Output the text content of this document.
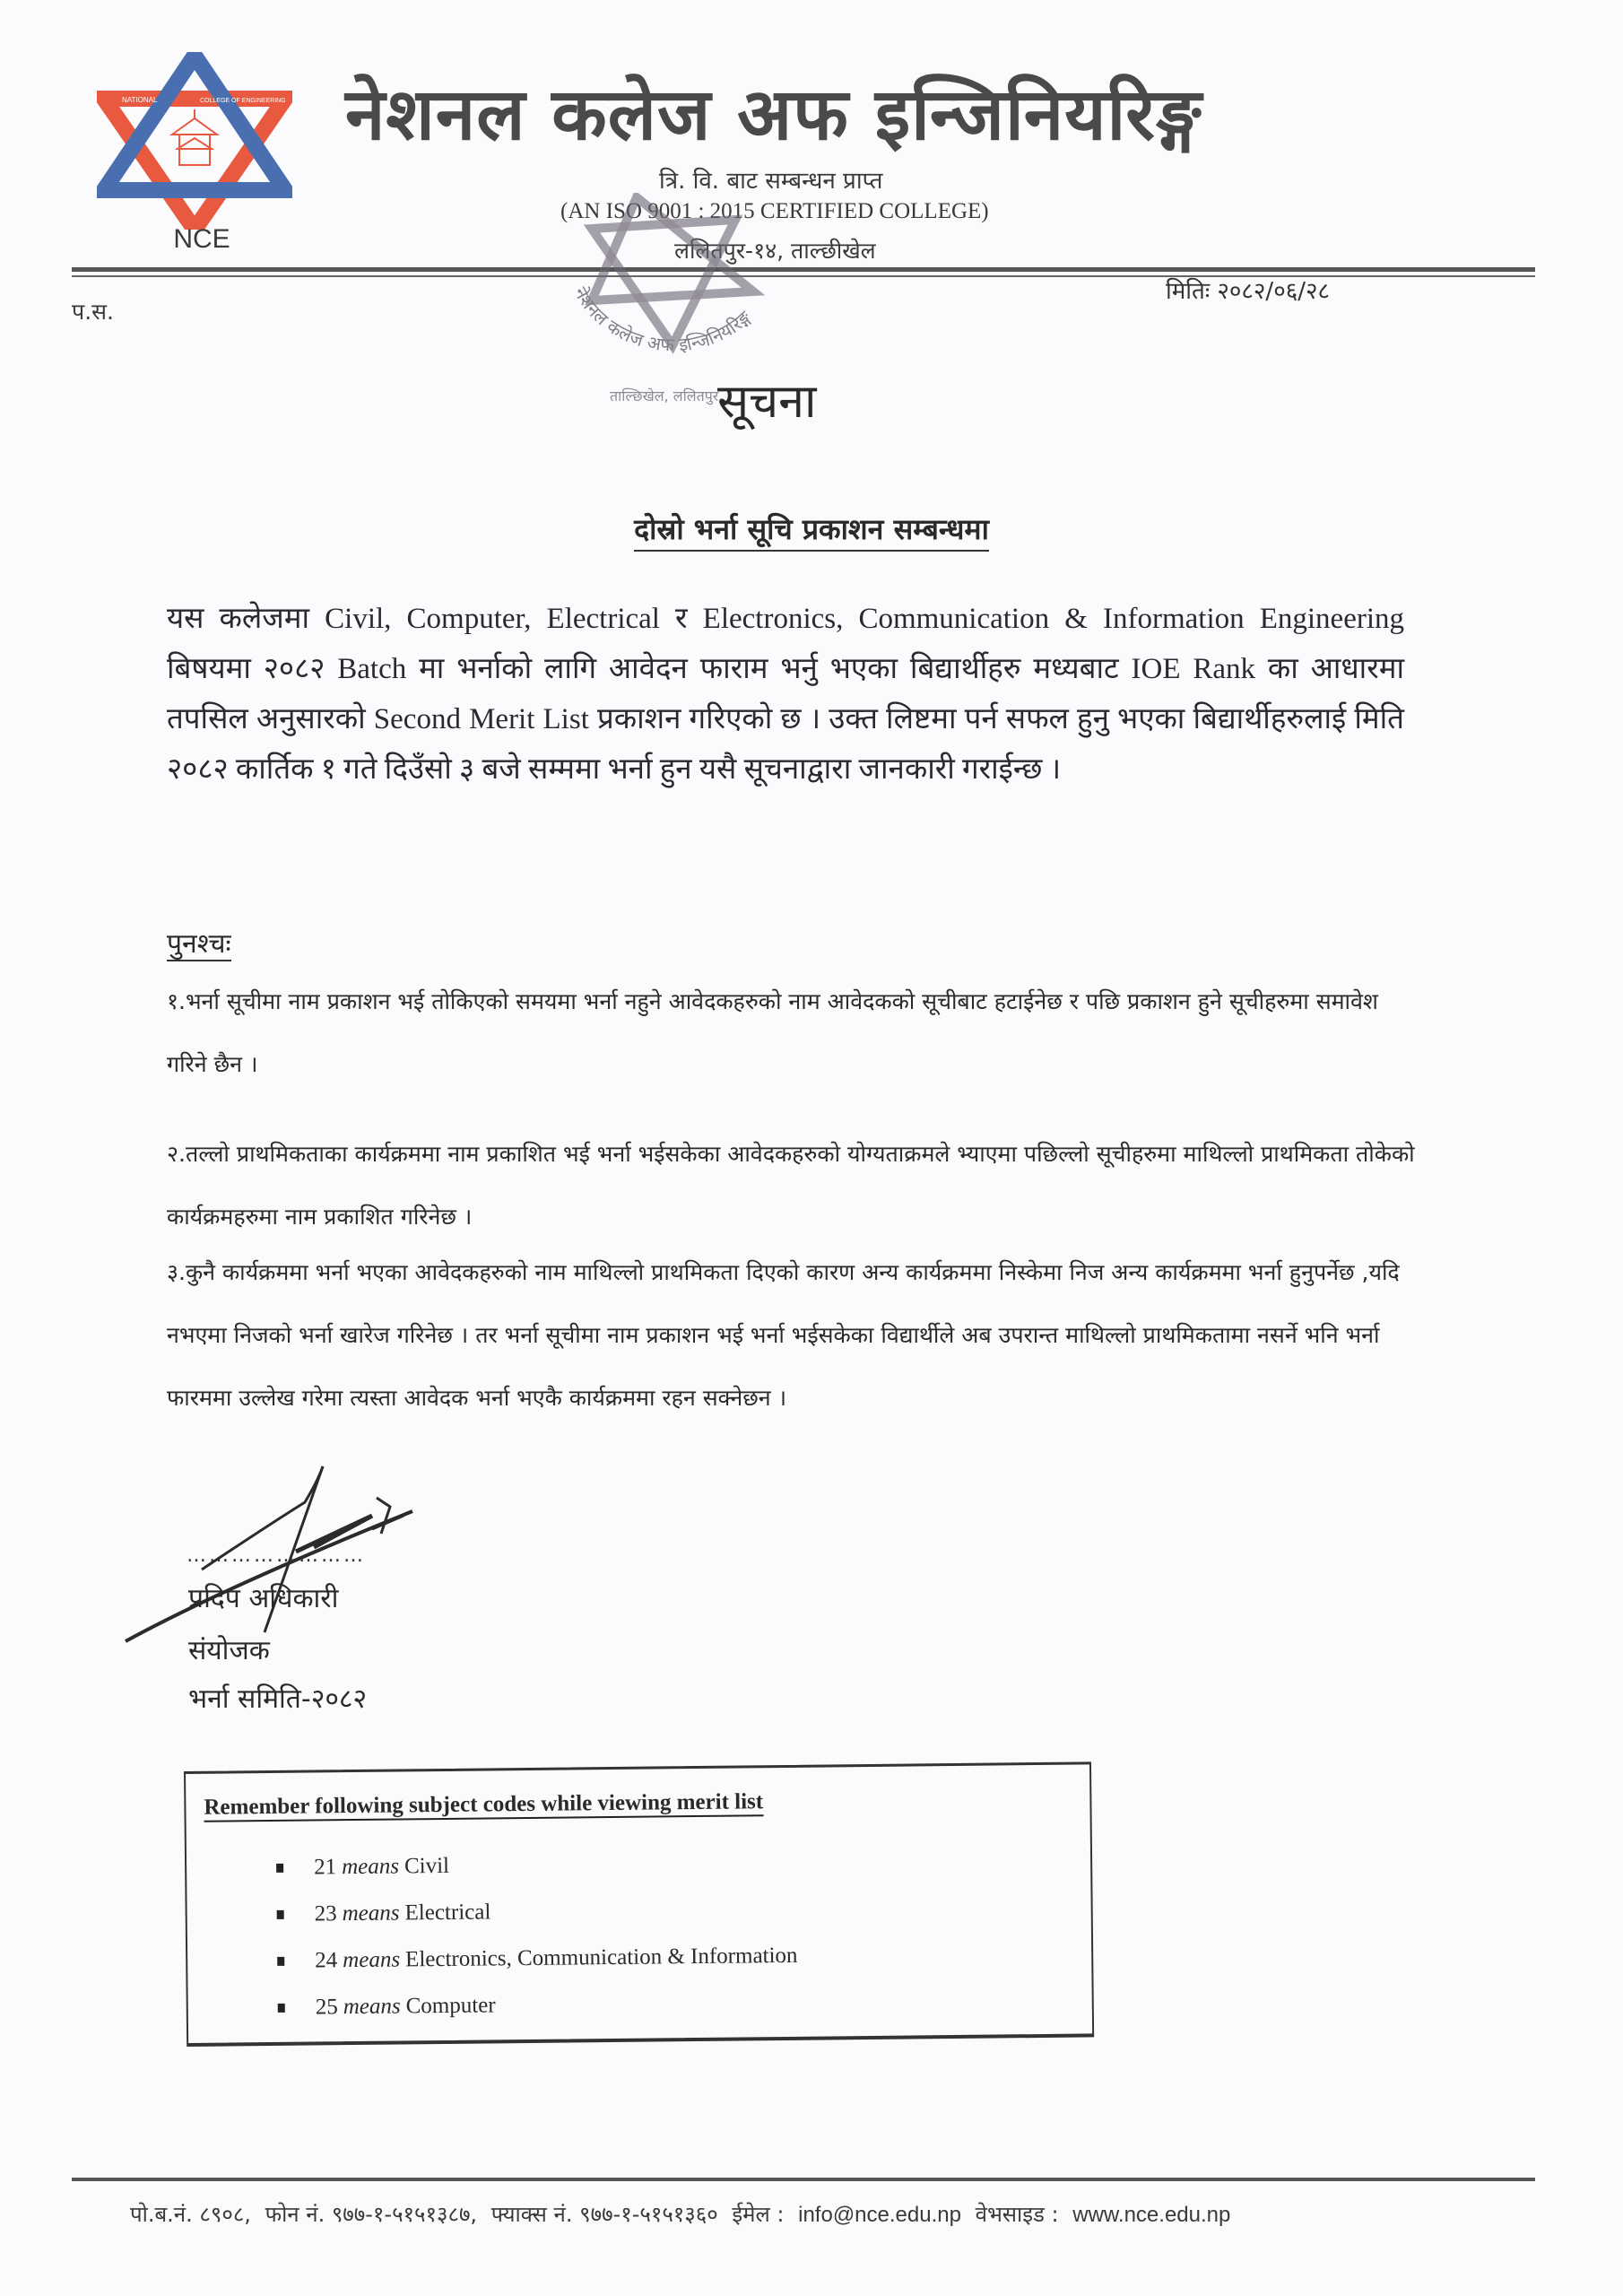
NATIONAL	COLLEGE OF ENGINEERING
NCE
नेशनल कलेज अफ इन्जिनियरिङ्ग
त्रि. वि. बाट सम्बन्धन प्राप्त
(AN ISO 9001 : 2015 CERTIFIED COLLEGE)
ललितपुर-१४, ताल्छीखेल
प.स.
मितिः २०८२/०६/२८
नेशनल कलेज अफ इन्जिनियरिङ्ग
ताल्छिखेल, ललितपुर
सूचना
दोस्रो भर्ना सूचि प्रकाशन सम्बन्धमा
यस कलेजमा Civil, Computer, Electrical र Electronics, Communication & Information Engineering बिषयमा २०८२ Batch मा भर्नाको लागि आवेदन फाराम भर्नु भएका बिद्यार्थीहरु मध्यबाट IOE Rank का आधारमा तपसिल अनुसारको Second Merit List प्रकाशन गरिएको छ । उक्त लिष्टमा पर्न सफल हुनु भएका बिद्यार्थीहरुलाई मिति २०८२ कार्तिक १ गते दिउँसो ३ बजे सम्ममा भर्ना हुन यसै सूचनाद्वारा जानकारी गराईन्छ ।
पुनश्चः
१.भर्ना सूचीमा नाम प्रकाशन भई तोकिएको समयमा भर्ना नहुने आवेदकहरुको नाम आवेदकको सूचीबाट हटाईनेछ र पछि प्रकाशन हुने सूचीहरुमा समावेश गरिने छैन ।
२.तल्लो प्राथमिकताका कार्यक्रममा नाम प्रकाशित भई भर्ना भईसकेका आवेदकहरुको योग्यताक्रमले भ्याएमा पछिल्लो सूचीहरुमा माथिल्लो प्राथमिकता तोकेको कार्यक्रमहरुमा नाम प्रकाशित गरिनेछ ।
३.कुनै कार्यक्रममा भर्ना भएका आवेदकहरुको नाम माथिल्लो प्राथमिकता दिएको कारण अन्य कार्यक्रममा निस्केमा निज अन्य कार्यक्रममा भर्ना हुनुपर्नेछ ,यदि नभएमा निजको भर्ना खारेज गरिनेछ । तर भर्ना सूचीमा नाम प्रकाशन भई भर्ना भईसकेका विद्यार्थीले अब उपरान्त माथिल्लो प्राथमिकतामा नसर्ने भनि भर्ना फारममा उल्लेख गरेमा त्यस्ता आवेदक भर्ना भएकै कार्यक्रममा रहन सक्नेछन ।
……………………
प्रदिप अधिकारी
संयोजक
भर्ना समिति-२०८२
Remember following subject codes while viewing merit list
21 means Civil
23 means Electrical
24 means Electronics, Communication & Information
25 means Computer
पो.ब.नं. ८९०८, फोन नं. ९७७-१-५१५१३८७, फ्याक्स नं. ९७७-१-५१५१३६० ईमेल : info@nce.edu.np वेभसाइड : www.nce.edu.np
